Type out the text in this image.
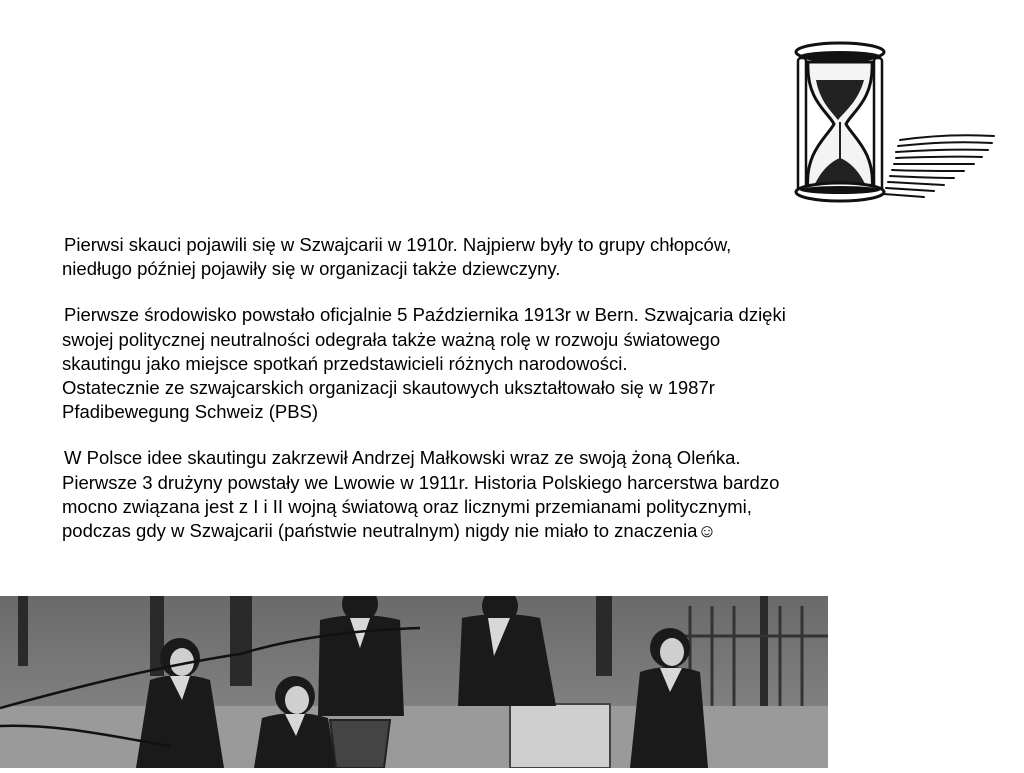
Pierwsi skauci pojawili się w Szwajcarii w 1910r. Najpierw były to grupy chłopców,
niedługo później pojawiły się w organizacji także dziewczyny.

Pierwsze środowisko powstało oficjalnie 5 Października 1913r w Bern. Szwajcaria dzięki
swojej politycznej neutralności odegrała także ważną rolę w rozwoju światowego
skautingu jako miejsce spotkań przedstawicieli różnych narodowości.
Ostatecznie ze szwajcarskich organizacji skautowych ukształtowało się w 1987r
Pfadibewegung Schweiz (PBS)

W Polsce idee skautingu zakrzewił Andrzej Małkowski wraz ze swoją żoną Oleńka.
Pierwsze 3 drużyny powstały we Lwowie w 1911r. Historia Polskiego harcerstwa bardzo
mocno związana jest z I i II wojną światową oraz licznymi przemianami politycznymi,
podczas gdy w Szwajcarii (państwie neutralnym) nigdy nie miało to znaczenia☺
